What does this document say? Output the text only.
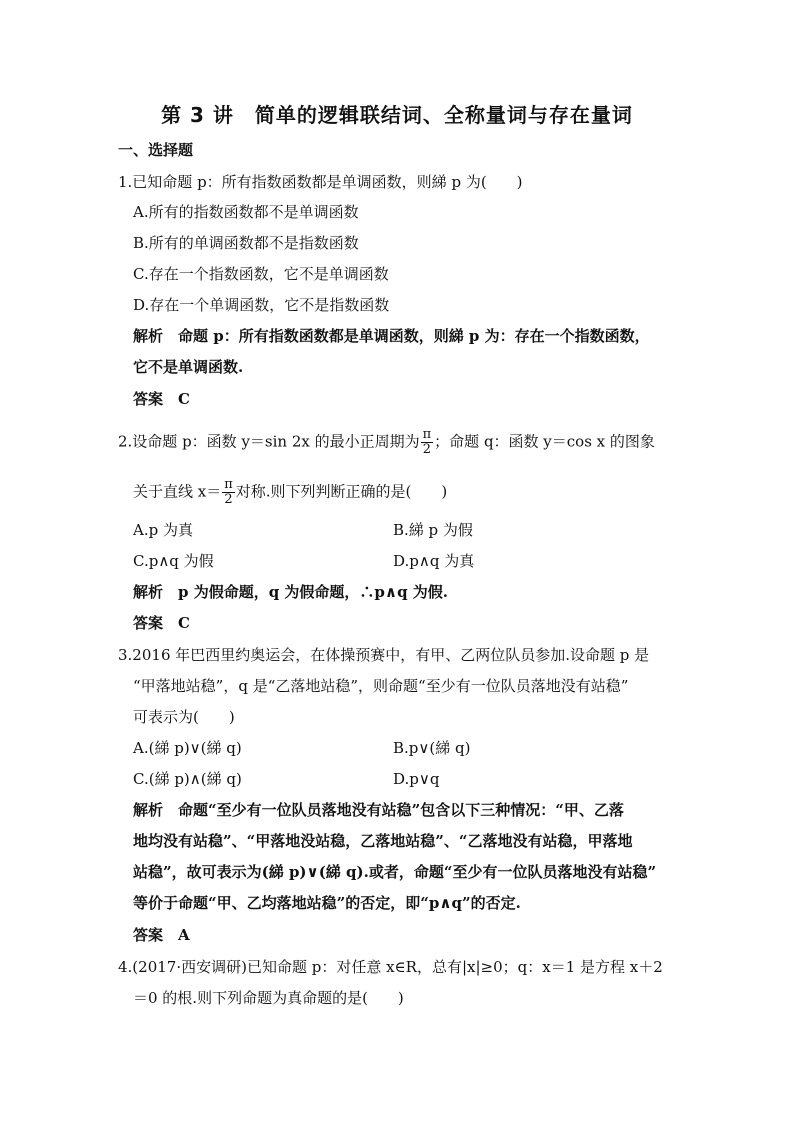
第 3 讲　简单的逻辑联结词、全称量词与存在量词
一、选择题
1.已知命题 p：所有指数函数都是单调函数，则綈 p 为(　　)
A.所有的指数函数都不是单调函数
B.所有的单调函数都不是指数函数
C.存在一个指数函数，它不是单调函数
D.存在一个单调函数，它不是指数函数
解析　命题 p：所有指数函数都是单调函数，则綈 p 为：存在一个指数函数，
它不是单调函数.
答案　C
2.设命题 p：函数 y＝sin 2x 的最小正周期为 $\frac{\pi}{2}$ ；命题 q：函数 y＝cos x 的图象
关于直线 $x= \frac{\pi}{2}$ 对称.则下列判断正确的是(　　)
A.p 为真	B.綈 p 为假
C.p∧q 为假	D.p∧q 为真
解析　p 为假命题，q 为假命题，∴p∧q 为假.
答案　C
3.2016 年巴西里约奥运会，在体操预赛中，有甲、乙两位队员参加.设命题 p 是
“甲落地站稳”，q 是“乙落地站稳”，则命题“至少有一位队员落地没有站稳”
可表示为(　　)
A.(綈 p)∨(綈 q)	B.p∨(綈 q)
C.(綈 p)∧(綈 q)	D.p∨q
解析　命题“至少有一位队员落地没有站稳”包含以下三种情况：“甲、乙落
地均没有站稳”、“甲落地没站稳，乙落地站稳”、“乙落地没有站稳，甲落地
站稳”，故可表示为(綈 p)∨(綈 q).或者，命题“至少有一位队员落地没有站稳”
等价于命题“甲、乙均落地站稳”的否定，即“p∧q”的否定.
答案　A
4.(2017·西安调研)已知命题 p：对任意 x∈R，总有|x|≥0；q：x＝1 是方程 x＋2
＝0 的根.则下列命题为真命题的是(　　)
